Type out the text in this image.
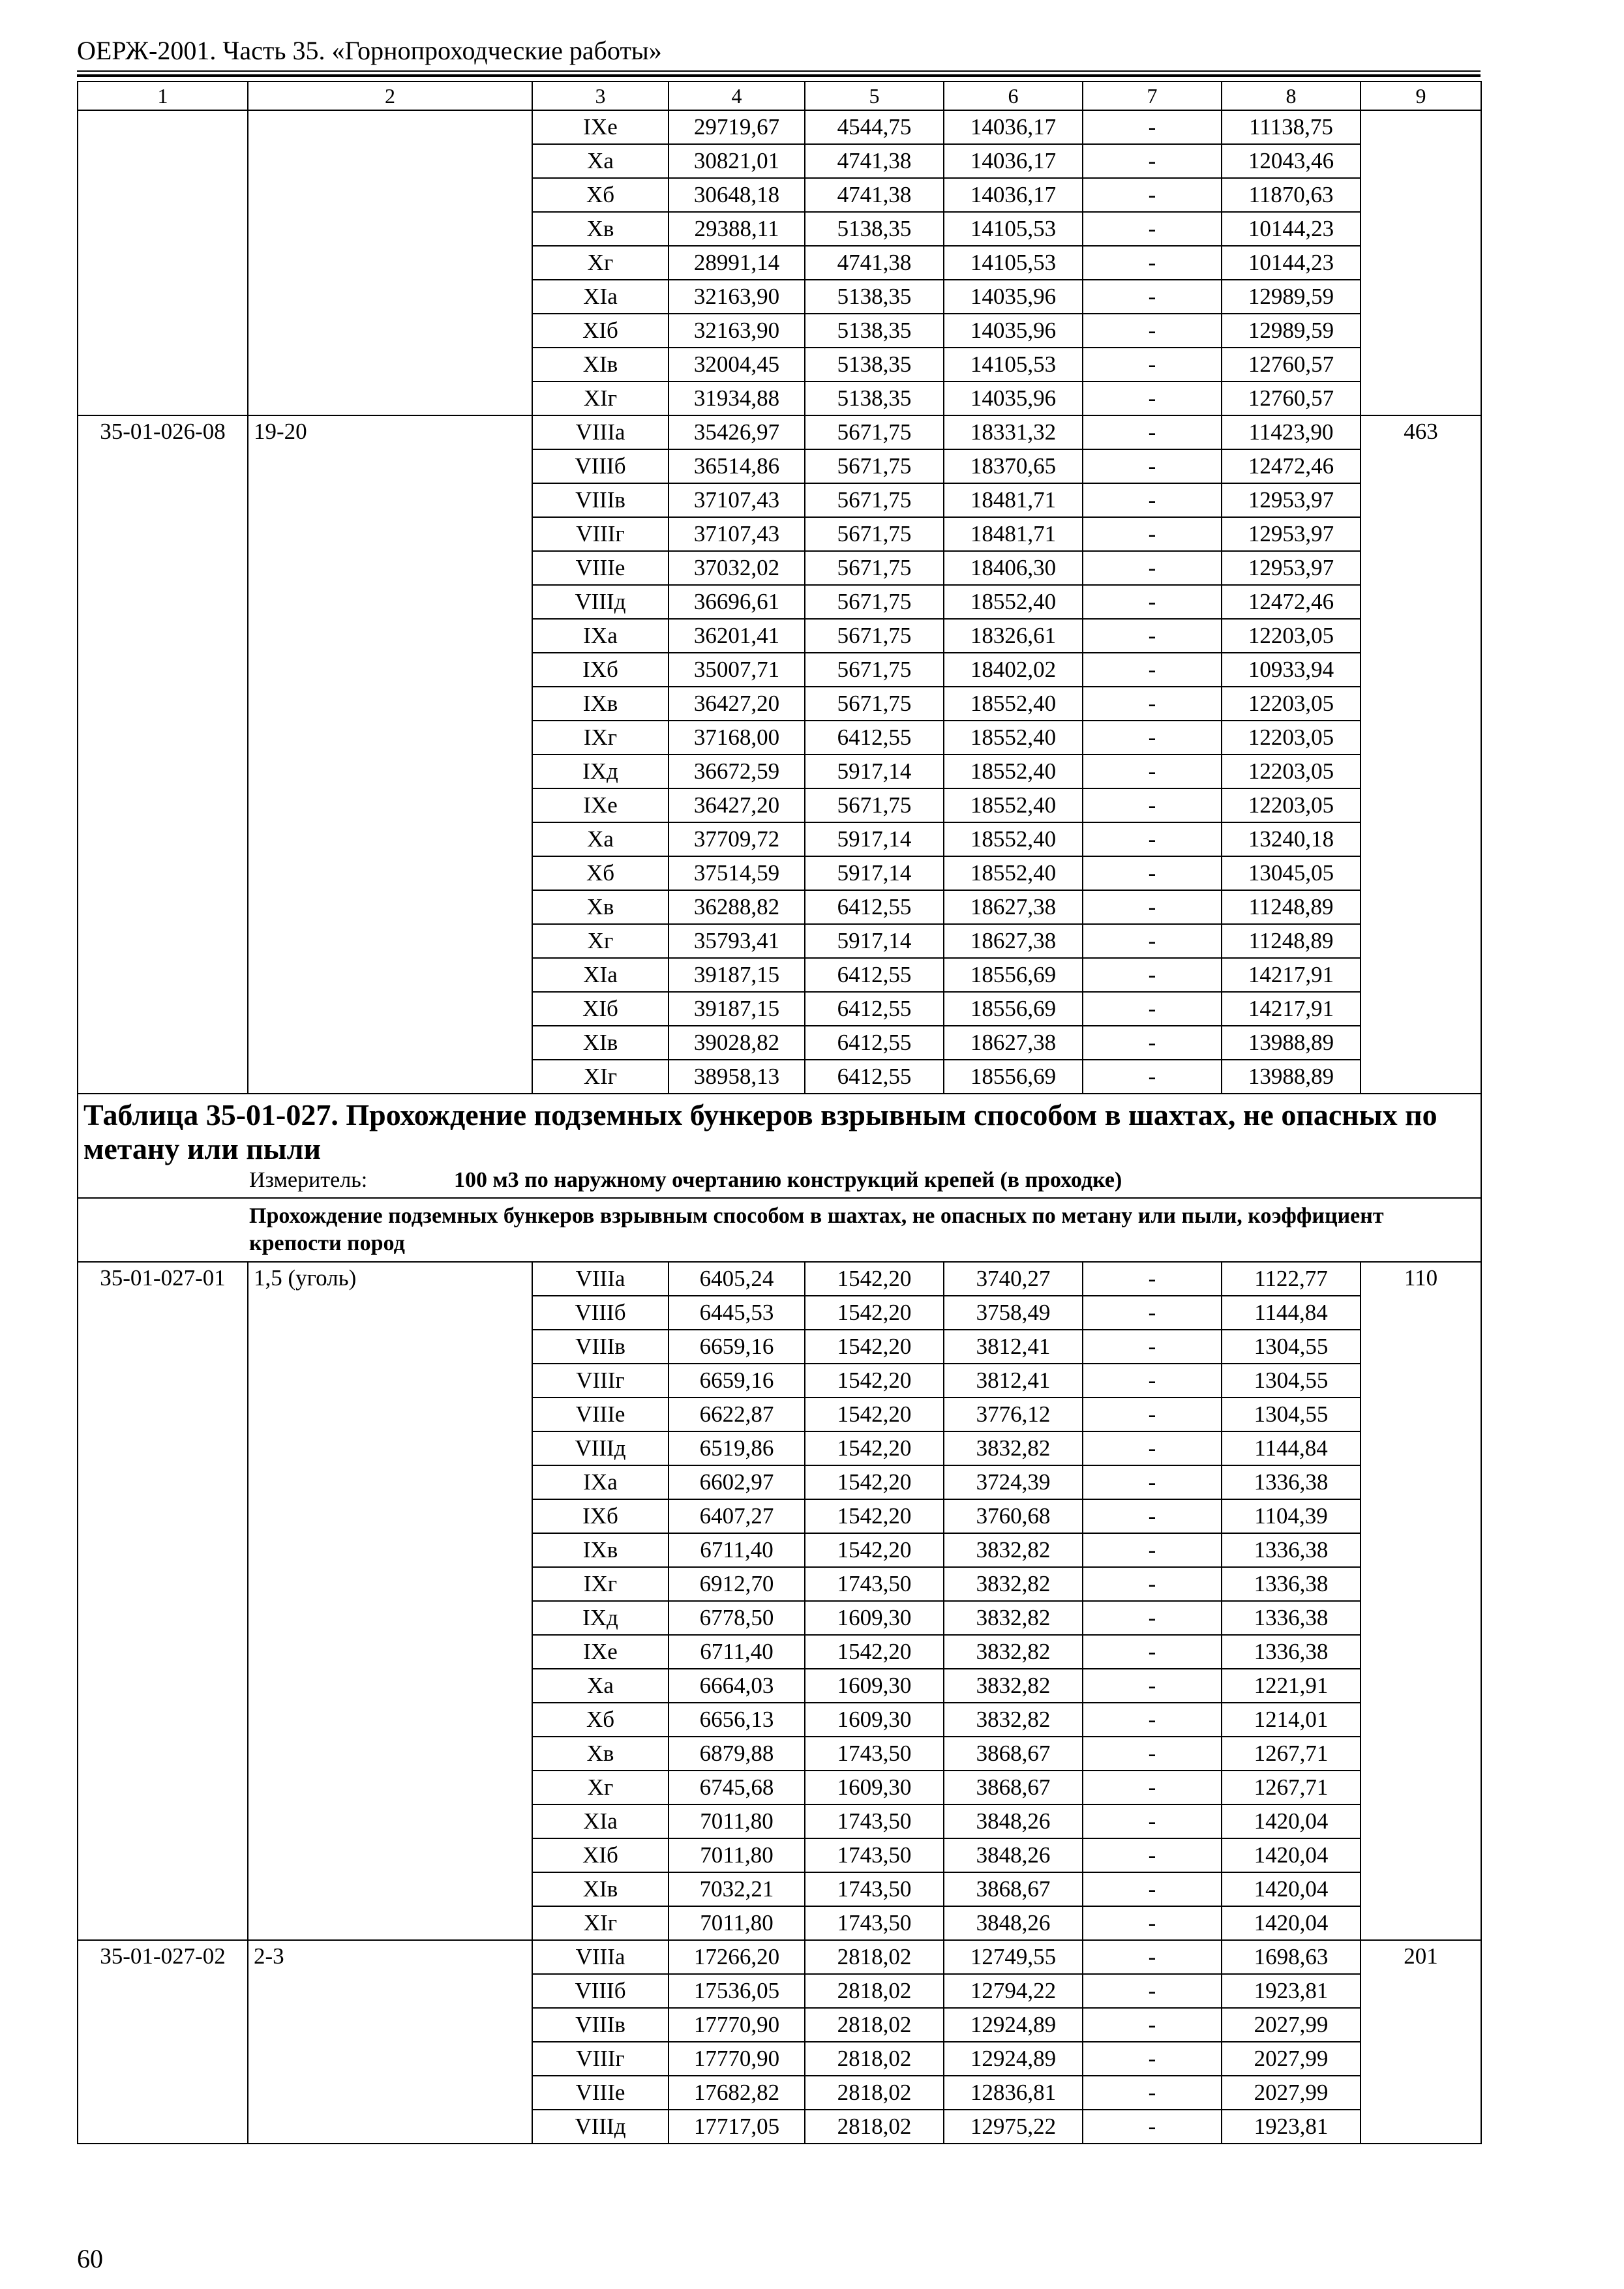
ОЕРЖ-2001. Часть 35. «Горнопроходческие работы»
1	2	3	4	5	6	7	8	9
		IXe	29719,67	4544,75	14036,17	-	11138,75	
		Xa	30821,01	4741,38	14036,17	-	12043,46	
		Xб	30648,18	4741,38	14036,17	-	11870,63	
		Xв	29388,11	5138,35	14105,53	-	10144,23	
		Xг	28991,14	4741,38	14105,53	-	10144,23	
		XIa	32163,90	5138,35	14035,96	-	12989,59	
		XIб	32163,90	5138,35	14035,96	-	12989,59	
		XIв	32004,45	5138,35	14105,53	-	12760,57	
		XIг	31934,88	5138,35	14035,96	-	12760,57	
35-01-026-08	19-20	VIIIa	35426,97	5671,75	18331,32	-	11423,90	463
		VIIIб	36514,86	5671,75	18370,65	-	12472,46	
		VIIIв	37107,43	5671,75	18481,71	-	12953,97	
		VIIIг	37107,43	5671,75	18481,71	-	12953,97	
		VIIIe	37032,02	5671,75	18406,30	-	12953,97	
		VIIIд	36696,61	5671,75	18552,40	-	12472,46	
		IXa	36201,41	5671,75	18326,61	-	12203,05	
		IXб	35007,71	5671,75	18402,02	-	10933,94	
		IXв	36427,20	5671,75	18552,40	-	12203,05	
		IXг	37168,00	6412,55	18552,40	-	12203,05	
		IXд	36672,59	5917,14	18552,40	-	12203,05	
		IXe	36427,20	5671,75	18552,40	-	12203,05	
		Xa	37709,72	5917,14	18552,40	-	13240,18	
		Xб	37514,59	5917,14	18552,40	-	13045,05	
		Xв	36288,82	6412,55	18627,38	-	11248,89	
		Xг	35793,41	5917,14	18627,38	-	11248,89	
		XIa	39187,15	6412,55	18556,69	-	14217,91	
		XIб	39187,15	6412,55	18556,69	-	14217,91	
		XIв	39028,82	6412,55	18627,38	-	13988,89	
		XIг	38958,13	6412,55	18556,69	-	13988,89	

Таблица 35-01-027. Прохождение подземных бункеров взрывным способом в шахтах, не опасных по метану или пыли
Измеритель: 100 м3 по наружному очертанию конструкций крепей (в проходке)								

Прохождение подземных бункеров взрывным способом в шахтах, не опасных по метану или пыли, коэффициент крепости пород								
35-01-027-01	1,5 (уголь)	VIIIa	6405,24	1542,20	3740,27	-	1122,77	110
		VIIIб	6445,53	1542,20	3758,49	-	1144,84	
		VIIIв	6659,16	1542,20	3812,41	-	1304,55	
		VIIIг	6659,16	1542,20	3812,41	-	1304,55	
		VIIIe	6622,87	1542,20	3776,12	-	1304,55	
		VIIIд	6519,86	1542,20	3832,82	-	1144,84	
		IXa	6602,97	1542,20	3724,39	-	1336,38	
		IXб	6407,27	1542,20	3760,68	-	1104,39	
		IXв	6711,40	1542,20	3832,82	-	1336,38	
		IXг	6912,70	1743,50	3832,82	-	1336,38	
		IXд	6778,50	1609,30	3832,82	-	1336,38	
		IXe	6711,40	1542,20	3832,82	-	1336,38	
		Xa	6664,03	1609,30	3832,82	-	1221,91	
		Xб	6656,13	1609,30	3832,82	-	1214,01	
		Xв	6879,88	1743,50	3868,67	-	1267,71	
		Xг	6745,68	1609,30	3868,67	-	1267,71	
		XIa	7011,80	1743,50	3848,26	-	1420,04	
		XIб	7011,80	1743,50	3848,26	-	1420,04	
		XIв	7032,21	1743,50	3868,67	-	1420,04	
		XIг	7011,80	1743,50	3848,26	-	1420,04	
35-01-027-02	2-3	VIIIa	17266,20	2818,02	12749,55	-	1698,63	201
		VIIIб	17536,05	2818,02	12794,22	-	1923,81	
		VIIIв	17770,90	2818,02	12924,89	-	2027,99	
		VIIIг	17770,90	2818,02	12924,89	-	2027,99	
		VIIIe	17682,82	2818,02	12836,81	-	2027,99	
		VIIIд	17717,05	2818,02	12975,22	-	1923,81	
60
